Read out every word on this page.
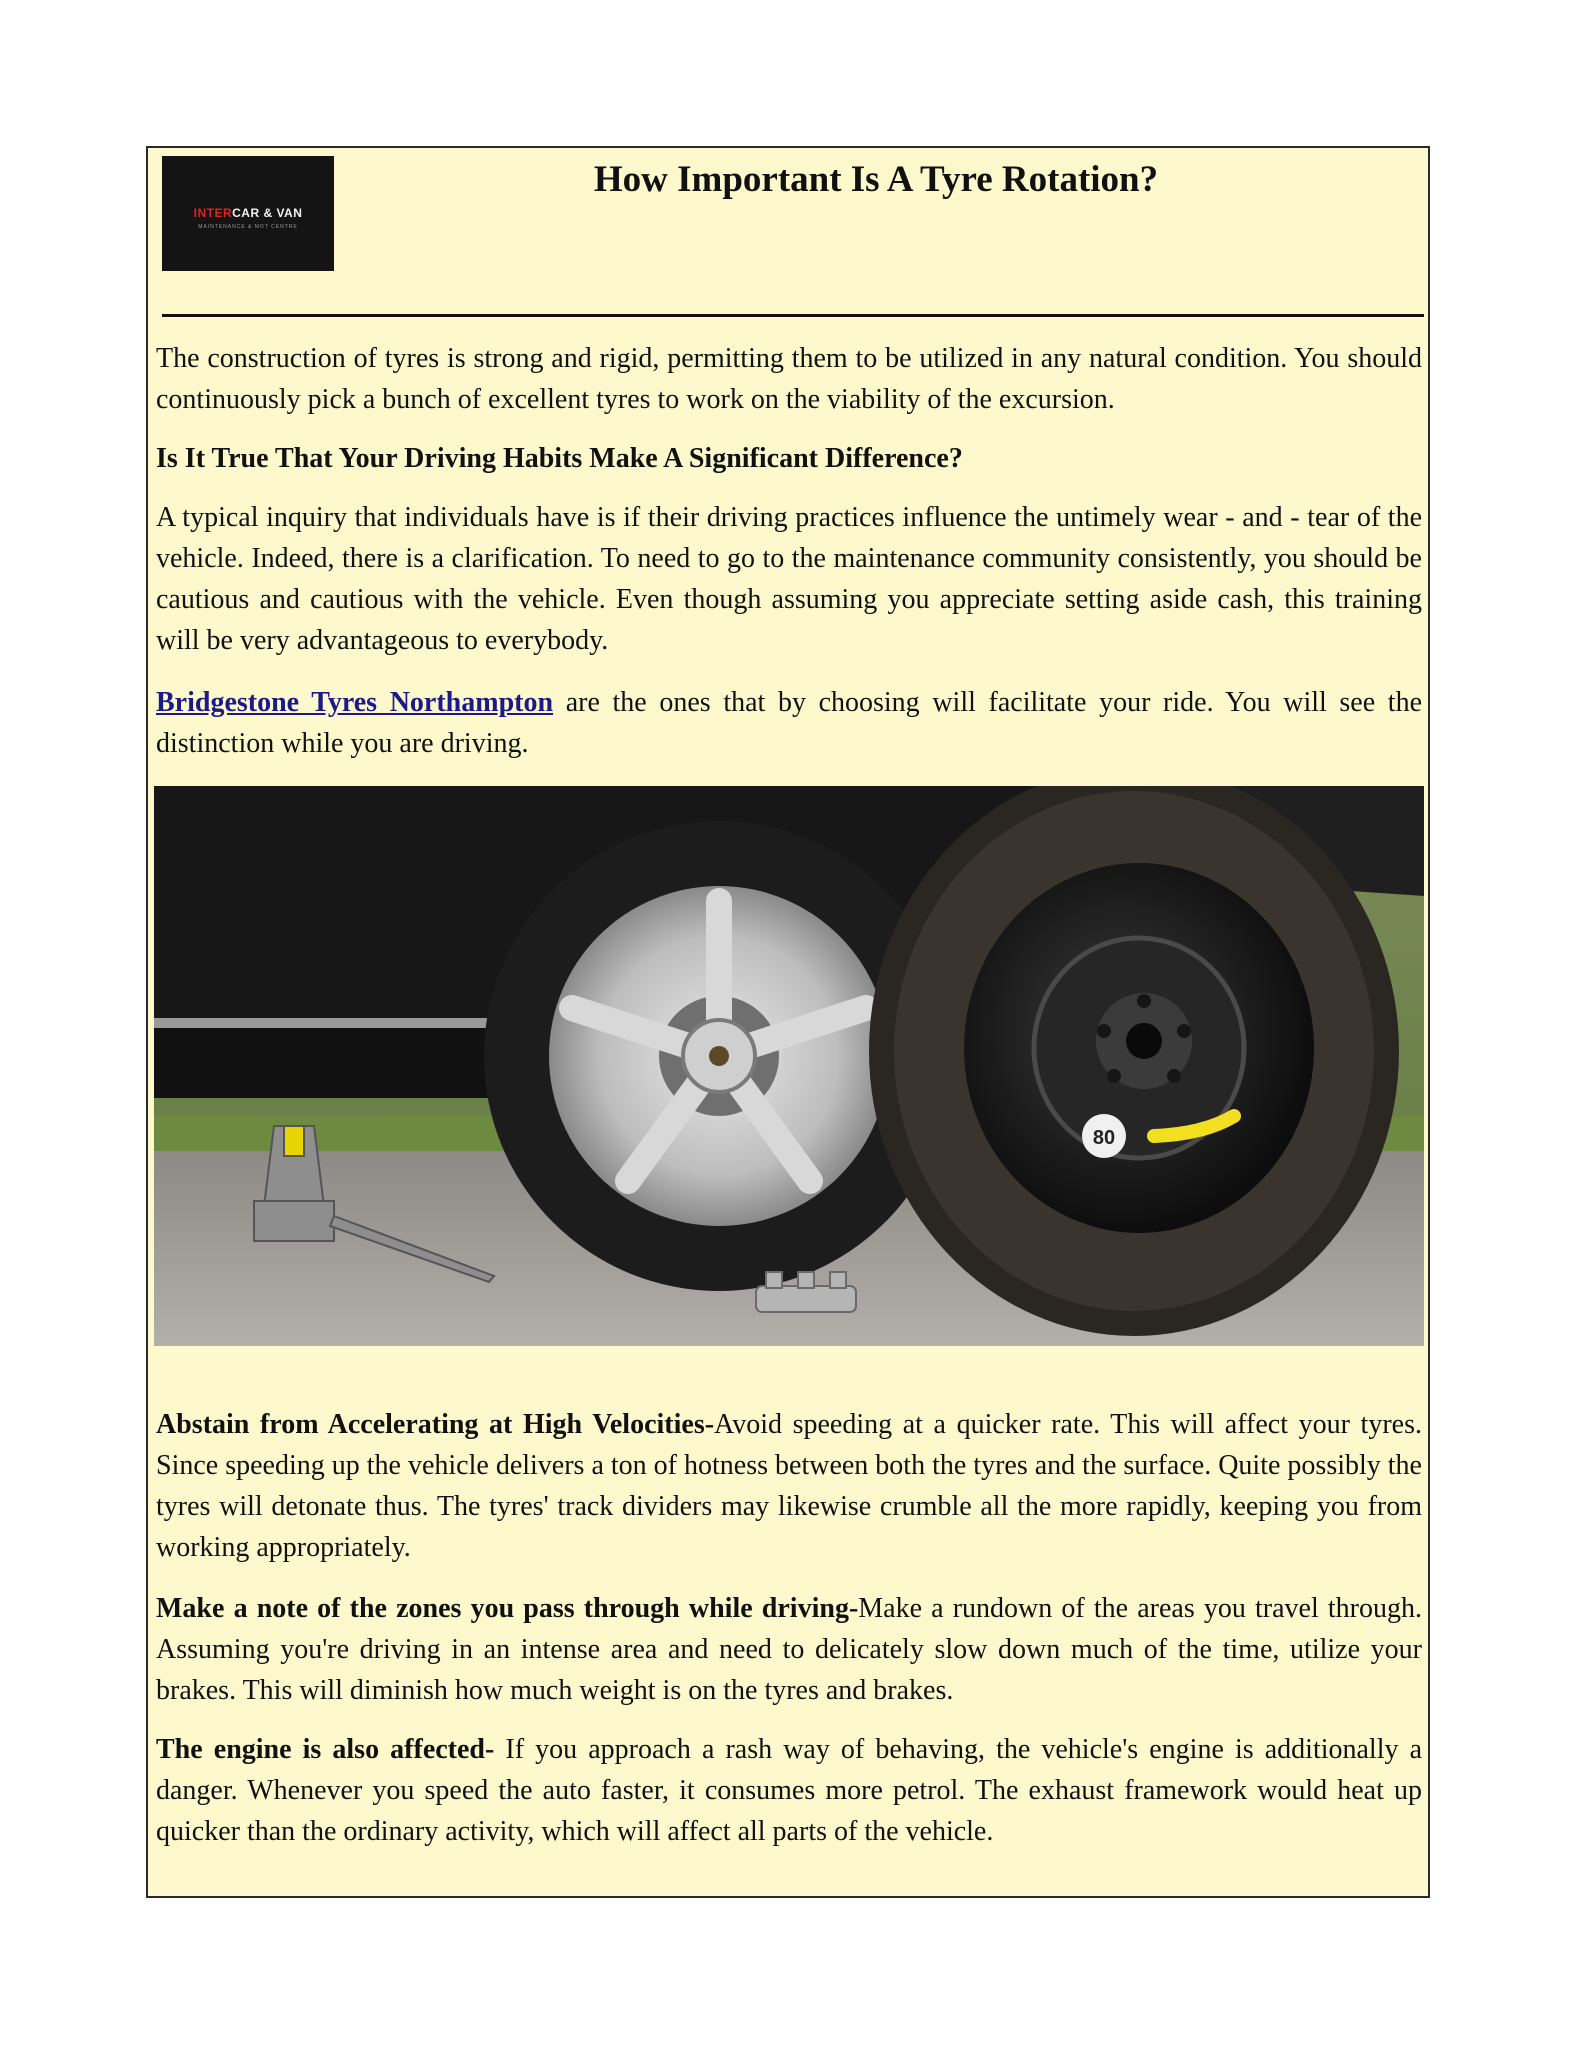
INTERCAR & VAN
MAINTENANCE & MOT CENTRE
How Important Is A Tyre Rotation?

The construction of tyres is strong and rigid, permitting them to be utilized in any natural condition. You should continuously pick a bunch of excellent tyres to work on the viability of the excursion.

Is It True That Your Driving Habits Make A Significant Difference?

A typical inquiry that individuals have is if their driving practices influence the untimely wear - and - tear of the vehicle. Indeed, there is a clarification. To need to go to the maintenance community consistently, you should be cautious and cautious with the vehicle. Even though assuming you appreciate setting aside cash, this training will be very advantageous to everybody.

Bridgestone Tyres Northampton are the ones that by choosing will facilitate your ride. You will see the distinction while you are driving.

80

Abstain from Accelerating at High Velocities-Avoid speeding at a quicker rate. This will affect your tyres. Since speeding up the vehicle delivers a ton of hotness between both the tyres and the surface. Quite possibly the tyres will detonate thus. The tyres' track dividers may likewise crumble all the more rapidly, keeping you from working appropriately.

Make a note of the zones you pass through while driving-Make a rundown of the areas you travel through. Assuming you're driving in an intense area and need to delicately slow down much of the time, utilize your brakes. This will diminish how much weight is on the tyres and brakes.

The engine is also affected- If you approach a rash way of behaving, the vehicle's engine is additionally a danger. Whenever you speed the auto faster, it consumes more petrol. The exhaust framework would heat up quicker than the ordinary activity, which will affect all parts of the vehicle.
